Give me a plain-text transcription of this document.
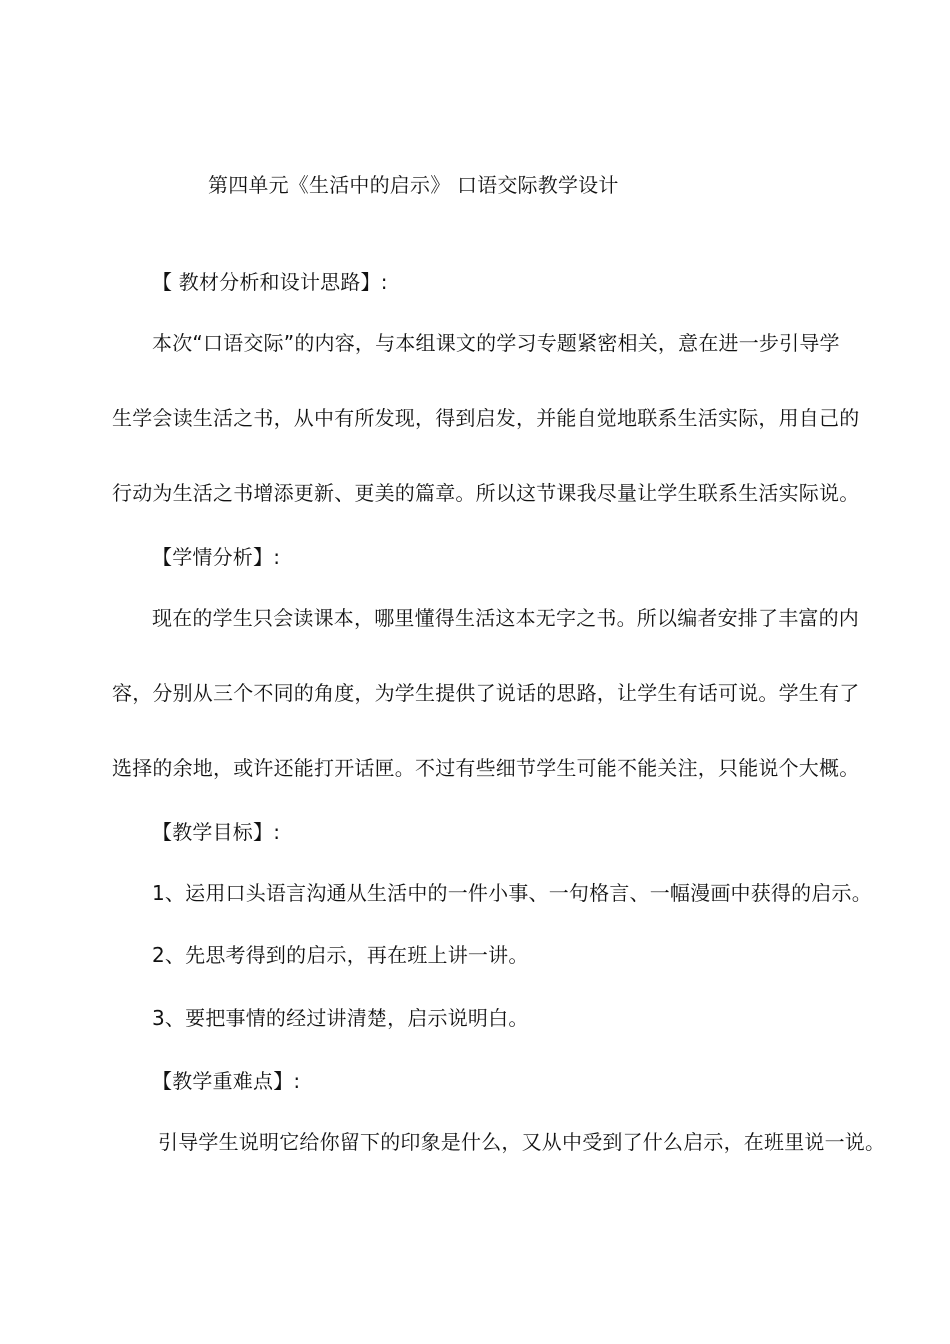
第四单元《生活中的启示》 口语交际教学设计
【 教材分析和设计思路】:
本次“口语交际”的内容，与本组课文的学习专题紧密相关，意在进一步引导学
生学会读生活之书，从中有所发现，得到启发，并能自觉地联系生活实际，用自己的
行动为生活之书增添更新、更美的篇章。所以这节课我尽量让学生联系生活实际说。
【学情分析】:
现在的学生只会读课本，哪里懂得生活这本无字之书。所以编者安排了丰富的内
容，分别从三个不同的角度，为学生提供了说话的思路，让学生有话可说。学生有了
选择的余地，或许还能打开话匣。不过有些细节学生可能不能关注，只能说个大概。
【教学目标】:
1、运用口头语言沟通从生活中的一件小事、一句格言、一幅漫画中获得的启示。
2、先思考得到的启示，再在班上讲一讲。
3、要把事情的经过讲清楚，启示说明白。
【教学重难点】:
引导学生说明它给你留下的印象是什么，又从中受到了什么启示，在班里说一说。
